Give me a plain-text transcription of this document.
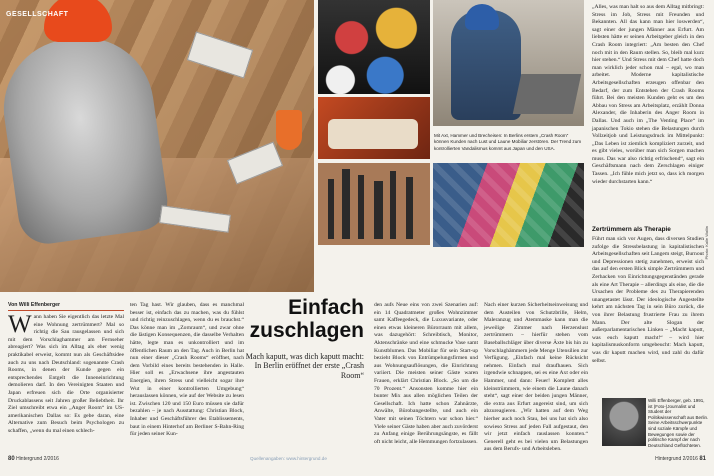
GESELLSCHAFT
Mit Axt, Hammer und Brecheisen: In Berlins erstem „Crash Room“ können Kunden nach Lust und Laune Mobiliar zerstören. Der Trend zum kontrollierten Vandalismus kommt aus Japan und den USA.
Photo: Kalle Wallin
Von Willi Effenberger
Wann haben Sie eigentlich das letzte Mal eine Wohnung zertrümmert? Mal so richtig die Sau rausgelassen und sich mit dem Vorschlaghammer am Fernseher abreagiert? Was sich im Alltag als eher wenig praktikabel erweist, kommt nun als Geschäftsidee auch zu uns nach Deutschland: sogenannte Crash Rooms, in denen der Kunde gegen ein entsprechendes Entgelt die Inneneinrichtung demolieren darf. In den Vereinigten Staaten und Japan erfreuen sich die Orte organisierter Druckablassens seit Jahren großer Beliebtheit. Ihr Ziel umschreibt etwa ein „Anger Room“ im US-amerikanischen Dallas so: Es gebe daran, eine Alternative zum Besuch beim Psychologen zu schaffen, „wenn du mal einen schlech-
ten Tag hast. Wir glauben, dass es manchmal besser ist, einfach das zu machen, was du fühlst und richtig reinzuschlagen, wenn du es brauchst.“ Das könne man im „Zornraum“, und zwar ohne die lästigen Konsequenzen, die dasselbe Verhalten hätte, legte man es unkontrolliert und im öffentlichen Raum an den Tag. Auch in Berlin hat nun einer dieser „Crash Rooms“ eröffnet, nach dem Vorbild eines bereits bestehenden in Halle. Hier soll es „Erwachsene ihre angestauten Energien, ihren Stress und vielleicht sogar ihre Wut in einer kontrollierten Umgebung“ herauslassen können, wie auf der Website zu lesen ist. Zwischen 120 und 150 Euro müssen sie dafür bezahlen – je nach Ausstattung: Christian Block, Inhaber und Geschäftsführer des Etablissements, baut in einem Hinterhof am Berliner S-Bahn-Ring für jeden seiner Kun-
Einfach
zuschlagen
Mach kaputt, was dich kaputt macht: In Berlin eröffnet der erste „Crash Room“
den aufs Neue eins von zwei Szenarien auf: ein 14 Quadratmeter großes Wohnzimmer samt Kaffeegedeck, die Luxusvariante, oder einen etwas kleineren Bürorraum mit allem, was dazugehört: Schreibtisch, Monitor, Aktenschränke und eine schmucke Vase samt Kunstblumen. Das Mobiliar für sein Start-up bezieht Block von Entrümpelungsfirmen und aus Wohnungsauflösungen, die Einrichtung variiert. Die meisten seiner Gäste waren Frauen, erklärt Christian Block. „So um die 70 Prozent.“ Ansonsten komme hier ein bunter Mix aus allen möglichen Teilen der Gesellschaft. Ich hatte schon Zahnärzte, Anwälte, Bürobangestellte, und auch ein Vater mit seinen Töchtern war schon hier.“ Viele seiner Gäste haben aber auch zuvörderst zu Anfang einige Berührungsängste, es fällt oft nicht leicht, alle Hemmungen fortzulassen.
Nach einer kurzen Sicherheitseinweisung und dem Austeilen von Schutzbrille, Helm, Maleranzug und Atemmaske kann man die jeweilige Zimmer nach Herzenslust zertrümmern – hierfür stehen vom Baseballschläger über diverse Äxte bis hin zu Vorschlaghämmern jede Menge Utensilien zur Verfügung. „Einfach mal keine Rücksicht nehmen. Einfach mal draufhauen. Sich irgendwie schnappen, sei es eine Axt oder ein Hammer, und dann: Feuer! Komplett alles kleinstrümmern, wie einem die Laune danach steht“, sagt einer der beiden jungen Männer, die extra aus Erfurt angereist sind, um sich abzureagieren. „Wir hatten auf dem Weg hierher auch noch Stau, bei uns hat sich also sowieso Stress auf jeden Fall aufgestaut, den wir jetzt einfach rauslassen konnten.“ Generell geht es bei vielen um Belastungen aus dem Berufs- und Arbeitsleben.
„Alles, was man halt so aus dem Alltag mitbringt: Stress im Job, Stress mit Freunden und Bekannten. All das kann man hier loswerden“, sagt einer der jungen Männer aus Erfurt. Am liebsten hätte er seinen Arbeitgeber gleich in den Crash Room integriert: „Am besten den Chef noch mit in den Raum stellen. So, bleib mal kurz hier stehen.“ Und Stress mit dem Chef hatte doch man wirklich jeder schon mal – egal, wo man arbeitet. Moderne kapitalistische Arbeitsgesellschaften erzeugen offenbar den Bedarf, der zum Entstehen der Crash Rooms führt. Bei den meisten Kunden geht es um den Abbau von Stress am Arbeitsplatz, erzählt Donna Alexander, die Inhaberin des Anger Room in Dallas. Und auch im „The Venting Place“ im japanischen Tokio stehen die Belastungen durch Vollzeitjob und Leistungsdruck im Mittelpunkt: „Das Leben ist ziemlich kompliziert zurzeit, und es gibt vieles, worüber man sich Sorgen machen muss. Das war also richtig erfrischend“, sagt ein Geschäftsmann nach dem Zerschlagen einiger Tassen. „Ich fühle mich jetzt so, dass ich morgen wieder durchstarten kann.“
Zertrümmern als Therapie
Führt man sich vor Augen, dass diversen Studien zufolge die Stressbelastung in kapitalistischen Arbeitsgesellschaften seit Langem steigt, Burnout und Depressionen stetig zunehmen, erweist sich das auf den ersten Blick simple Zertrümmern und Zerhacken von Einrichtungsgegenständen gerade als eine Art Therapie – allerdings als eine, die die Ursachen der Probleme des zu Therapierenden unangetastet lässt. Der ideologische Angestellte kehrt am nächsten Tag in sein Büro zurück, die von ihrer Belastung frustrierte Frau zu ihrem Mann. Der alte Slogan der außerparlamentarischen Linken – „Macht kaputt, was euch kaputt macht!“ – wird hier kapitalismuskonform umgebeucht: Mach kaputt, was dir kaputt machen wird, und zahl du dafür selbst.
Willi Effenberger, geb. 1991, ist (Foto-)Journalist und Student der Politikwissenschaft aus Berlin. Seine Arbeitsschwerpunkte sind soziale Kämpfe und Bewegungen sowie der politische Kampf der nach Deutschland Geflüchteten.
80 Hintergrund 2/2016	Quellenangaben: www.hintergrund.de	Hintergrund 2/2016 81
